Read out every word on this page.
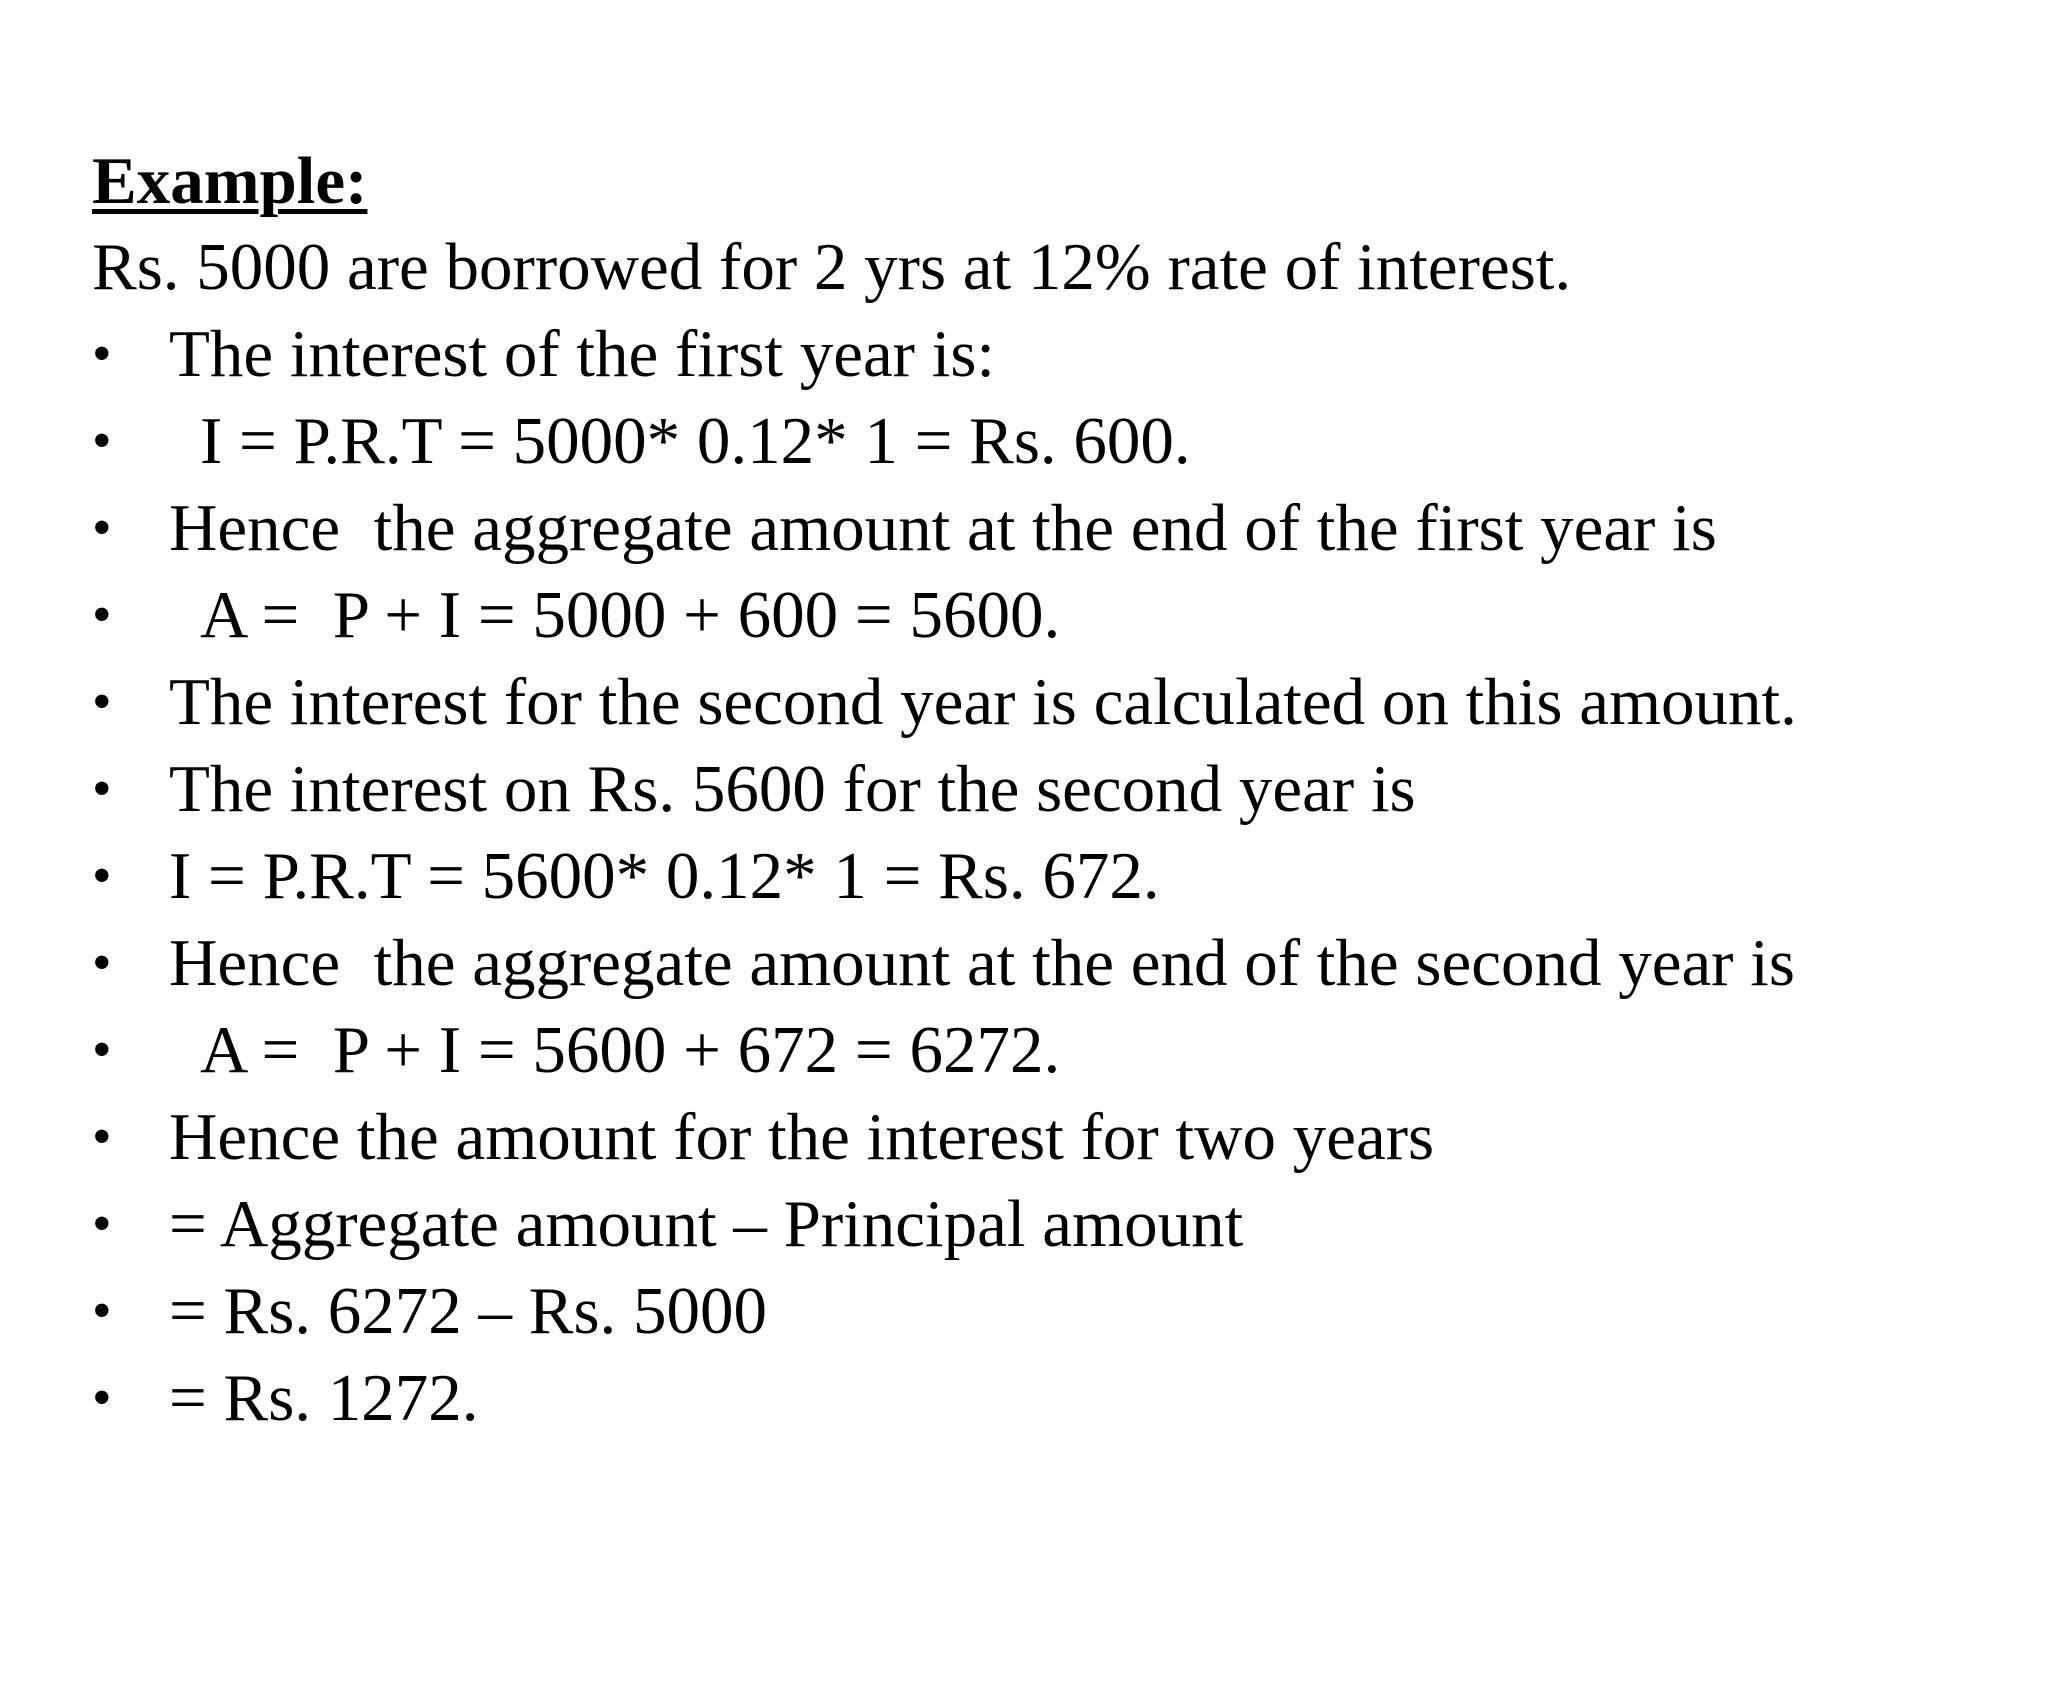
Example:
Rs. 5000 are borrowed for 2 yrs at 12% rate of interest.

•

The interest of the first year is:

•

I = P.R.T = 5000* 0.12* 1 = Rs. 600.

•

Hence  the aggregate amount at the end of the first year is

•

A =  P + I = 5000 + 600 = 5600.

•

The interest for the second year is calculated on this amount.

•

The interest on Rs. 5600 for the second year is

•

I = P.R.T = 5600* 0.12* 1 = Rs. 672.

•

Hence  the aggregate amount at the end of the second year is

•

A =  P + I = 5600 + 672 = 6272.

•

Hence the amount for the interest for two years

•

= Aggregate amount – Principal amount

•

= Rs. 6272 – Rs. 5000

•

= Rs. 1272.
